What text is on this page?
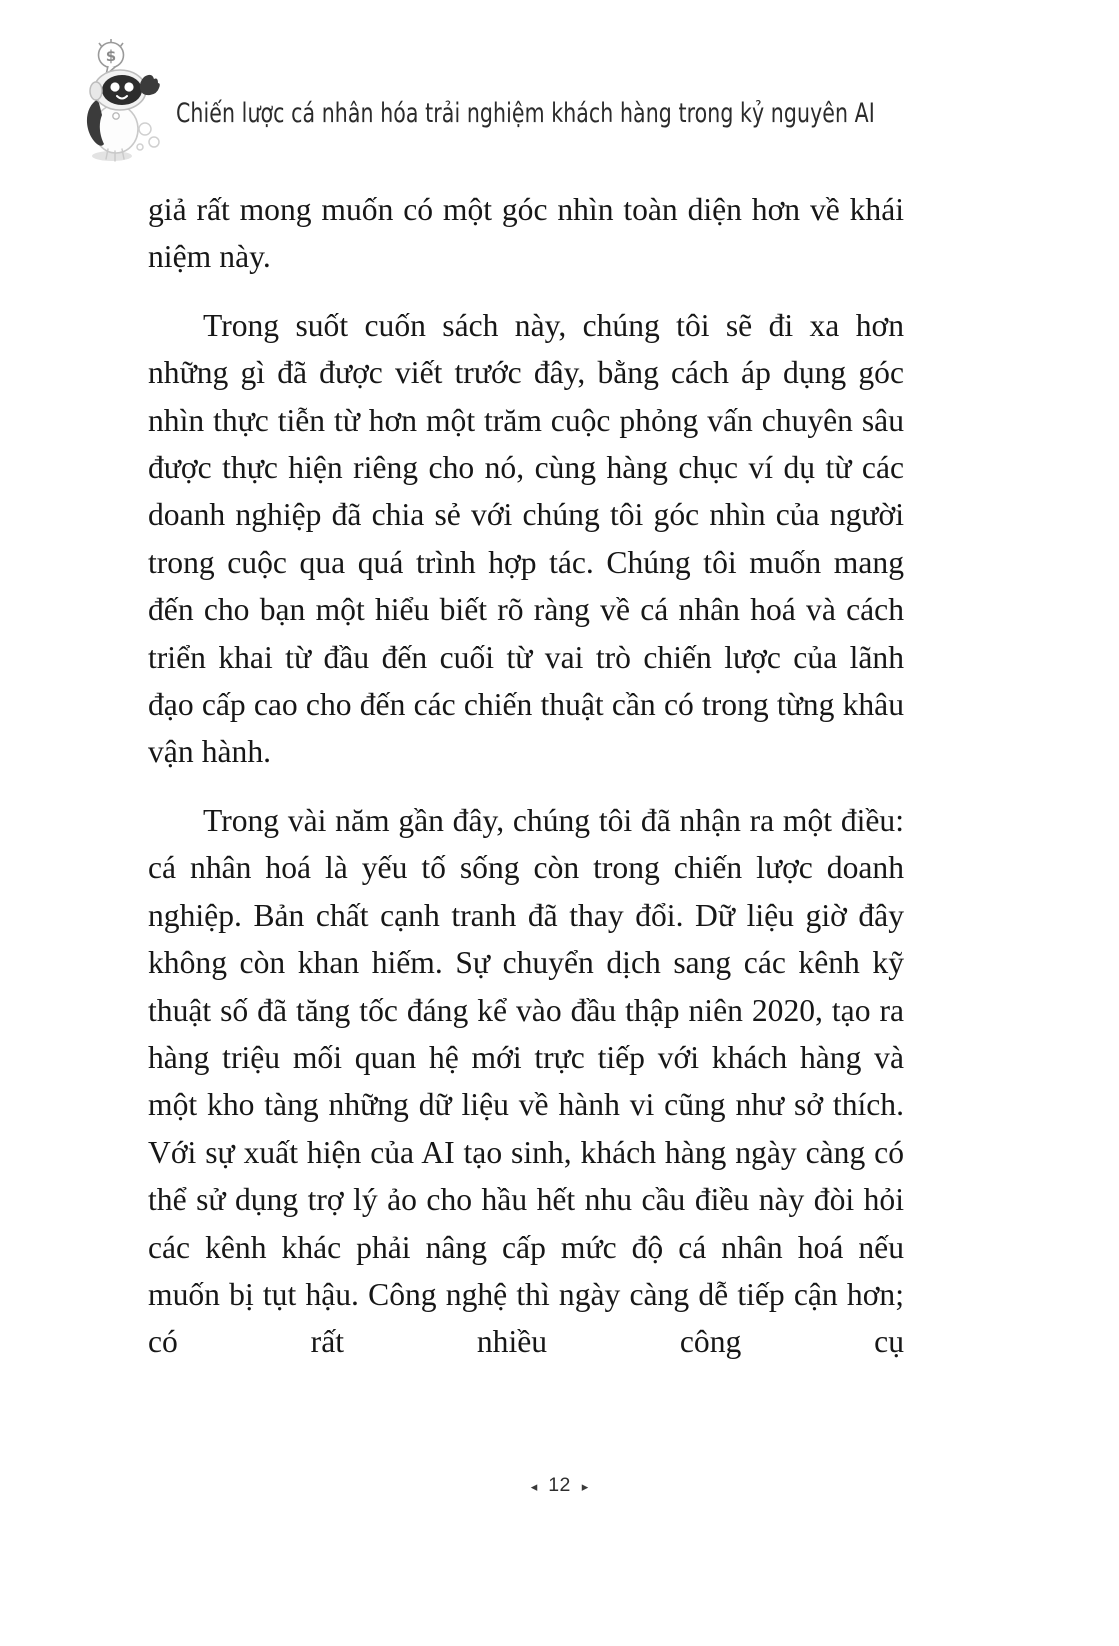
$
Chiến lược cá nhân hóa trải nghiệm khách hàng trong kỷ nguyên AI

giả rất mong muốn có một góc nhìn toàn diện hơn về khái niệm này.

Trong suốt cuốn sách này, chúng tôi sẽ đi xa hơn những gì đã được viết trước đây, bằng cách áp dụng góc nhìn thực tiễn từ hơn một trăm cuộc phỏng vấn chuyên sâu được thực hiện riêng cho nó, cùng hàng chục ví dụ từ các doanh nghiệp đã chia sẻ với chúng tôi góc nhìn của người trong cuộc qua quá trình hợp tác. Chúng tôi muốn mang đến cho bạn một hiểu biết rõ ràng về cá nhân hoá và cách triển khai từ đầu đến cuối từ vai trò chiến lược của lãnh đạo cấp cao cho đến các chiến thuật cần có trong từng khâu vận hành.

Trong vài năm gần đây, chúng tôi đã nhận ra một điều: cá nhân hoá là yếu tố sống còn trong chiến lược doanh nghiệp. Bản chất cạnh tranh đã thay đổi. Dữ liệu giờ đây không còn khan hiếm. Sự chuyển dịch sang các kênh kỹ thuật số đã tăng tốc đáng kể vào đầu thập niên 2020, tạo ra hàng triệu mối quan hệ mới trực tiếp với khách hàng và một kho tàng những dữ liệu về hành vi cũng như sở thích. Với sự xuất hiện của AI tạo sinh, khách hàng ngày càng có thể sử dụng trợ lý ảo cho hầu hết nhu cầu điều này đòi hỏi các kênh khác phải nâng cấp mức độ cá nhân hoá nếu muốn bị tụt hậu. Công nghệ thì ngày càng dễ tiếp cận hơn; có rất nhiều công cụ

◂ 12 ▸
